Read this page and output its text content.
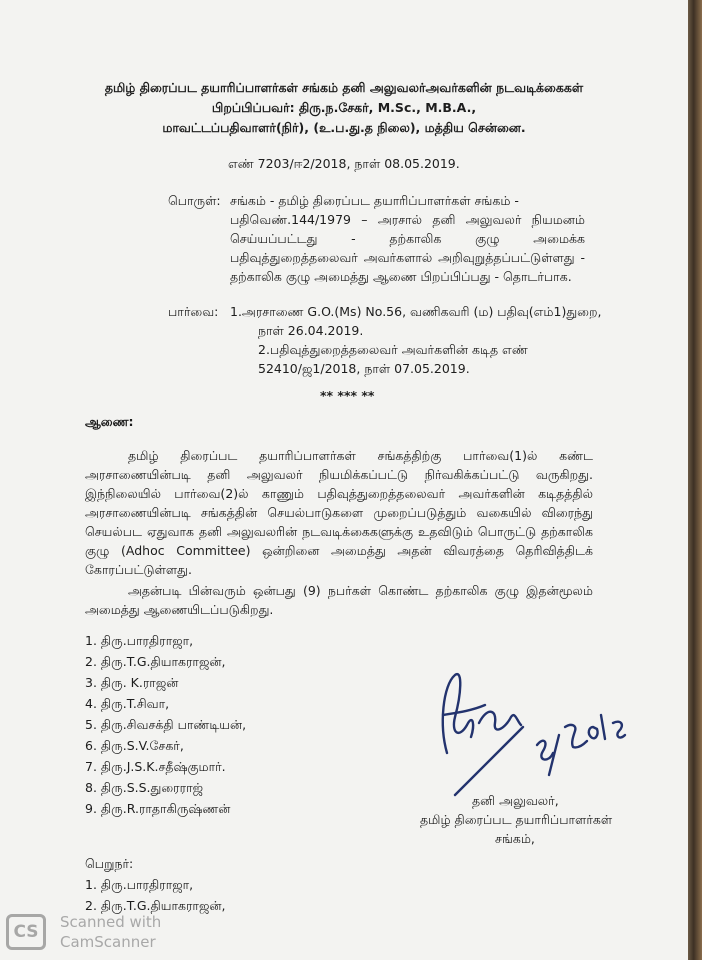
தமிழ் திரைப்பட தயாரிப்பாளர்கள் சங்கம் தனி அலுவலர்அவர்களின் நடவடிக்கைகள்
பிறப்பிப்பவர்: திரு.ந.சேகர், M.Sc., M.B.A.,
மாவட்டப்பதிவாளர்(நிர்), (உ.ப.து.த நிலை), மத்திய சென்னை.
எண் 7203/ஈ2/2018, நாள் 08.05.2019.
பொருள்: சங்கம் - தமிழ் திரைப்பட தயாரிப்பாளர்கள் சங்கம் -
பதிவெண்.144/1979 – அரசால் தனி அலுவலர் நியமனம்
செய்யப்பட்டது - தற்காலிக குழு அமைக்க
பதிவுத்துறைத்தலைவர் அவர்களால் அறிவுறுத்தப்பட்டுள்ளது -
தற்காலிக குழு அமைத்து ஆணை பிறப்பிப்பது - தொடர்பாக.
பார்வை: 1.அரசாணை G.O.(Ms) No.56, வணிகவரி (ம) பதிவு(எம்1)துறை,
நாள் 26.04.2019.
2.பதிவுத்துறைத்தலைவர் அவர்களின் கடித எண்
52410/ஜ1/2018, நாள் 07.05.2019.
** *** **
ஆணை:
தமிழ் திரைப்பட தயாரிப்பாளர்கள் சங்கத்திற்கு பார்வை(1)ல் கண்ட
அரசாணையின்படி தனி அலுவலர் நியமிக்கப்பட்டு நிர்வகிக்கப்பட்டு வருகிறது.
இந்நிலையில் பார்வை(2)ல் காணும் பதிவுத்துறைத்தலைவர் அவர்களின் கடிதத்தில்
அரசாணையின்படி சங்கத்தின் செயல்பாடுகளை முறைப்படுத்தும் வகையில் விரைந்து
செயல்பட ஏதுவாக தனி அலுவலரின் நடவடிக்கைகளுக்கு உதவிடும் பொருட்டு தற்காலிக
குழு (Adhoc Committee) ஒன்றினை அமைத்து அதன் விவரத்தை தெரிவித்திடக்
கோரப்பட்டுள்ளது.
அதன்படி பின்வரும் ஒன்பது (9) நபர்கள் கொண்ட தற்காலிக குழு இதன்மூலம்
அமைத்து ஆணையிடப்படுகிறது.
1. திரு.பாரதிராஜா,
2. திரு.T.G.தியாகராஜன்,
3. திரு. K.ராஜன்
4. திரு.T.சிவா,
5. திரு.சிவசக்தி பாண்டியன்,
6. திரு.S.V.சேகர்,
7. திரு.J.S.K.சதீஷ்குமார்.
8. திரு.S.S.துரைராஜ்
9. திரு.R.ராதாகிருஷ்ணன்
தனி அலுவலர்,
தமிழ் திரைப்பட தயாரிப்பாளர்கள்
சங்கம்,
பெறுநர்:
1. திரு.பாரதிராஜா,
2. திரு.T.G.தியாகராஜன்,
CS	Scanned with
CamScanner
